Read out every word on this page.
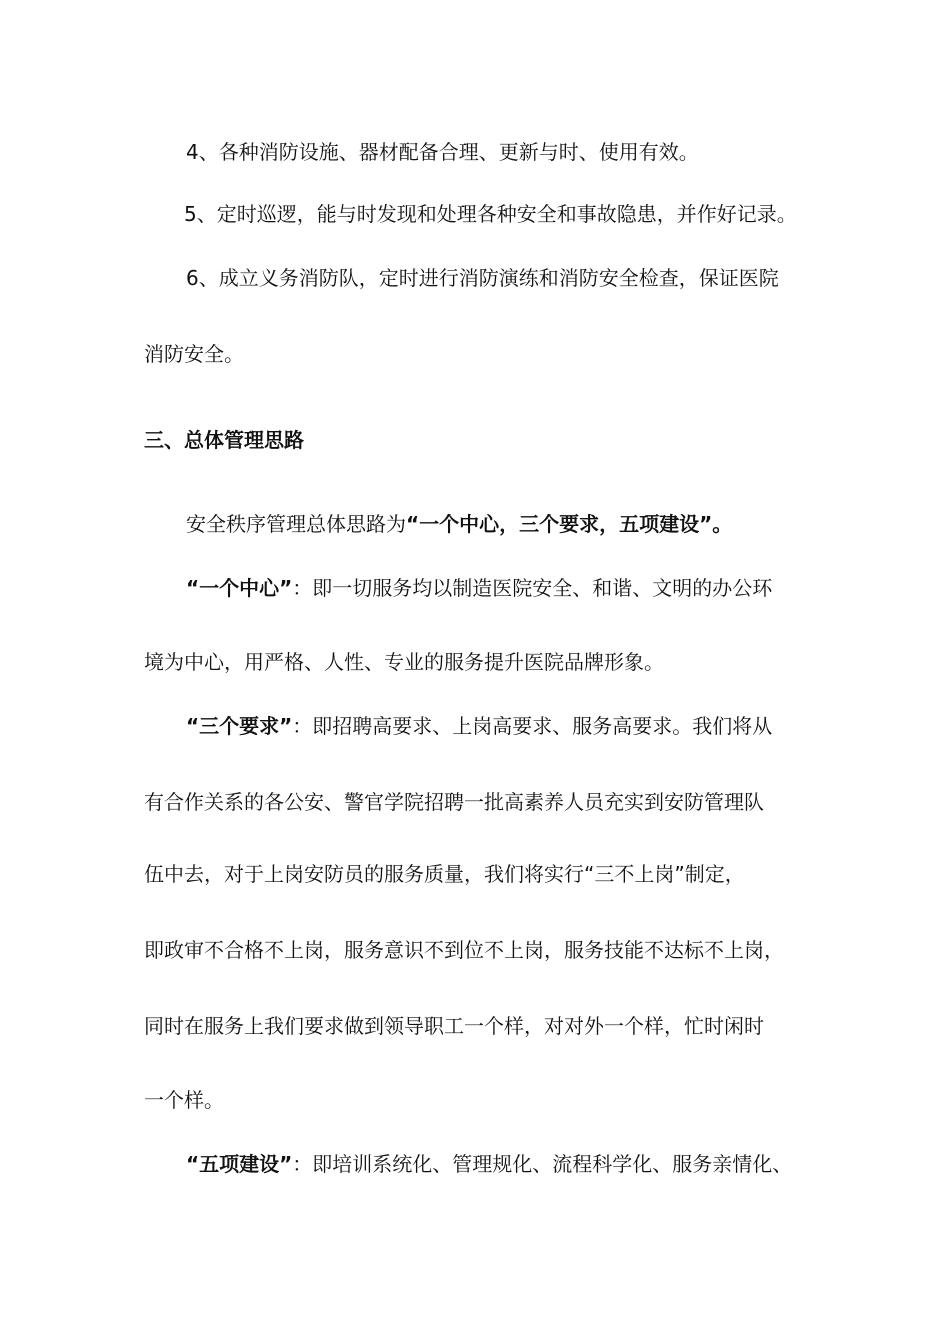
4、各种消防设施、器材配备合理、更新与时、使用有效。
5、定时巡逻，能与时发现和处理各种安全和事故隐患，并作好记录。
6、成立义务消防队，定时进行消防演练和消防安全检查，保证医院
消防安全。
三、总体管理思路
安全秩序管理总体思路为“一个中心，三个要求，五项建设”。
“一个中心”：即一切服务均以制造医院安全、和谐、文明的办公环
境为中心，用严格、人性、专业的服务提升医院品牌形象。
“三个要求”：即招聘高要求、上岗高要求、服务高要求。我们将从
有合作关系的各公安、警官学院招聘一批高素养人员充实到安防管理队
伍中去，对于上岗安防员的服务质量，我们将实行“三不上岗”制定，
即政审不合格不上岗，服务意识不到位不上岗，服务技能不达标不上岗，
同时在服务上我们要求做到领导职工一个样，对对外一个样，忙时闲时
一个样。
“五项建设”：即培训系统化、管理规化、流程科学化、服务亲情化、
